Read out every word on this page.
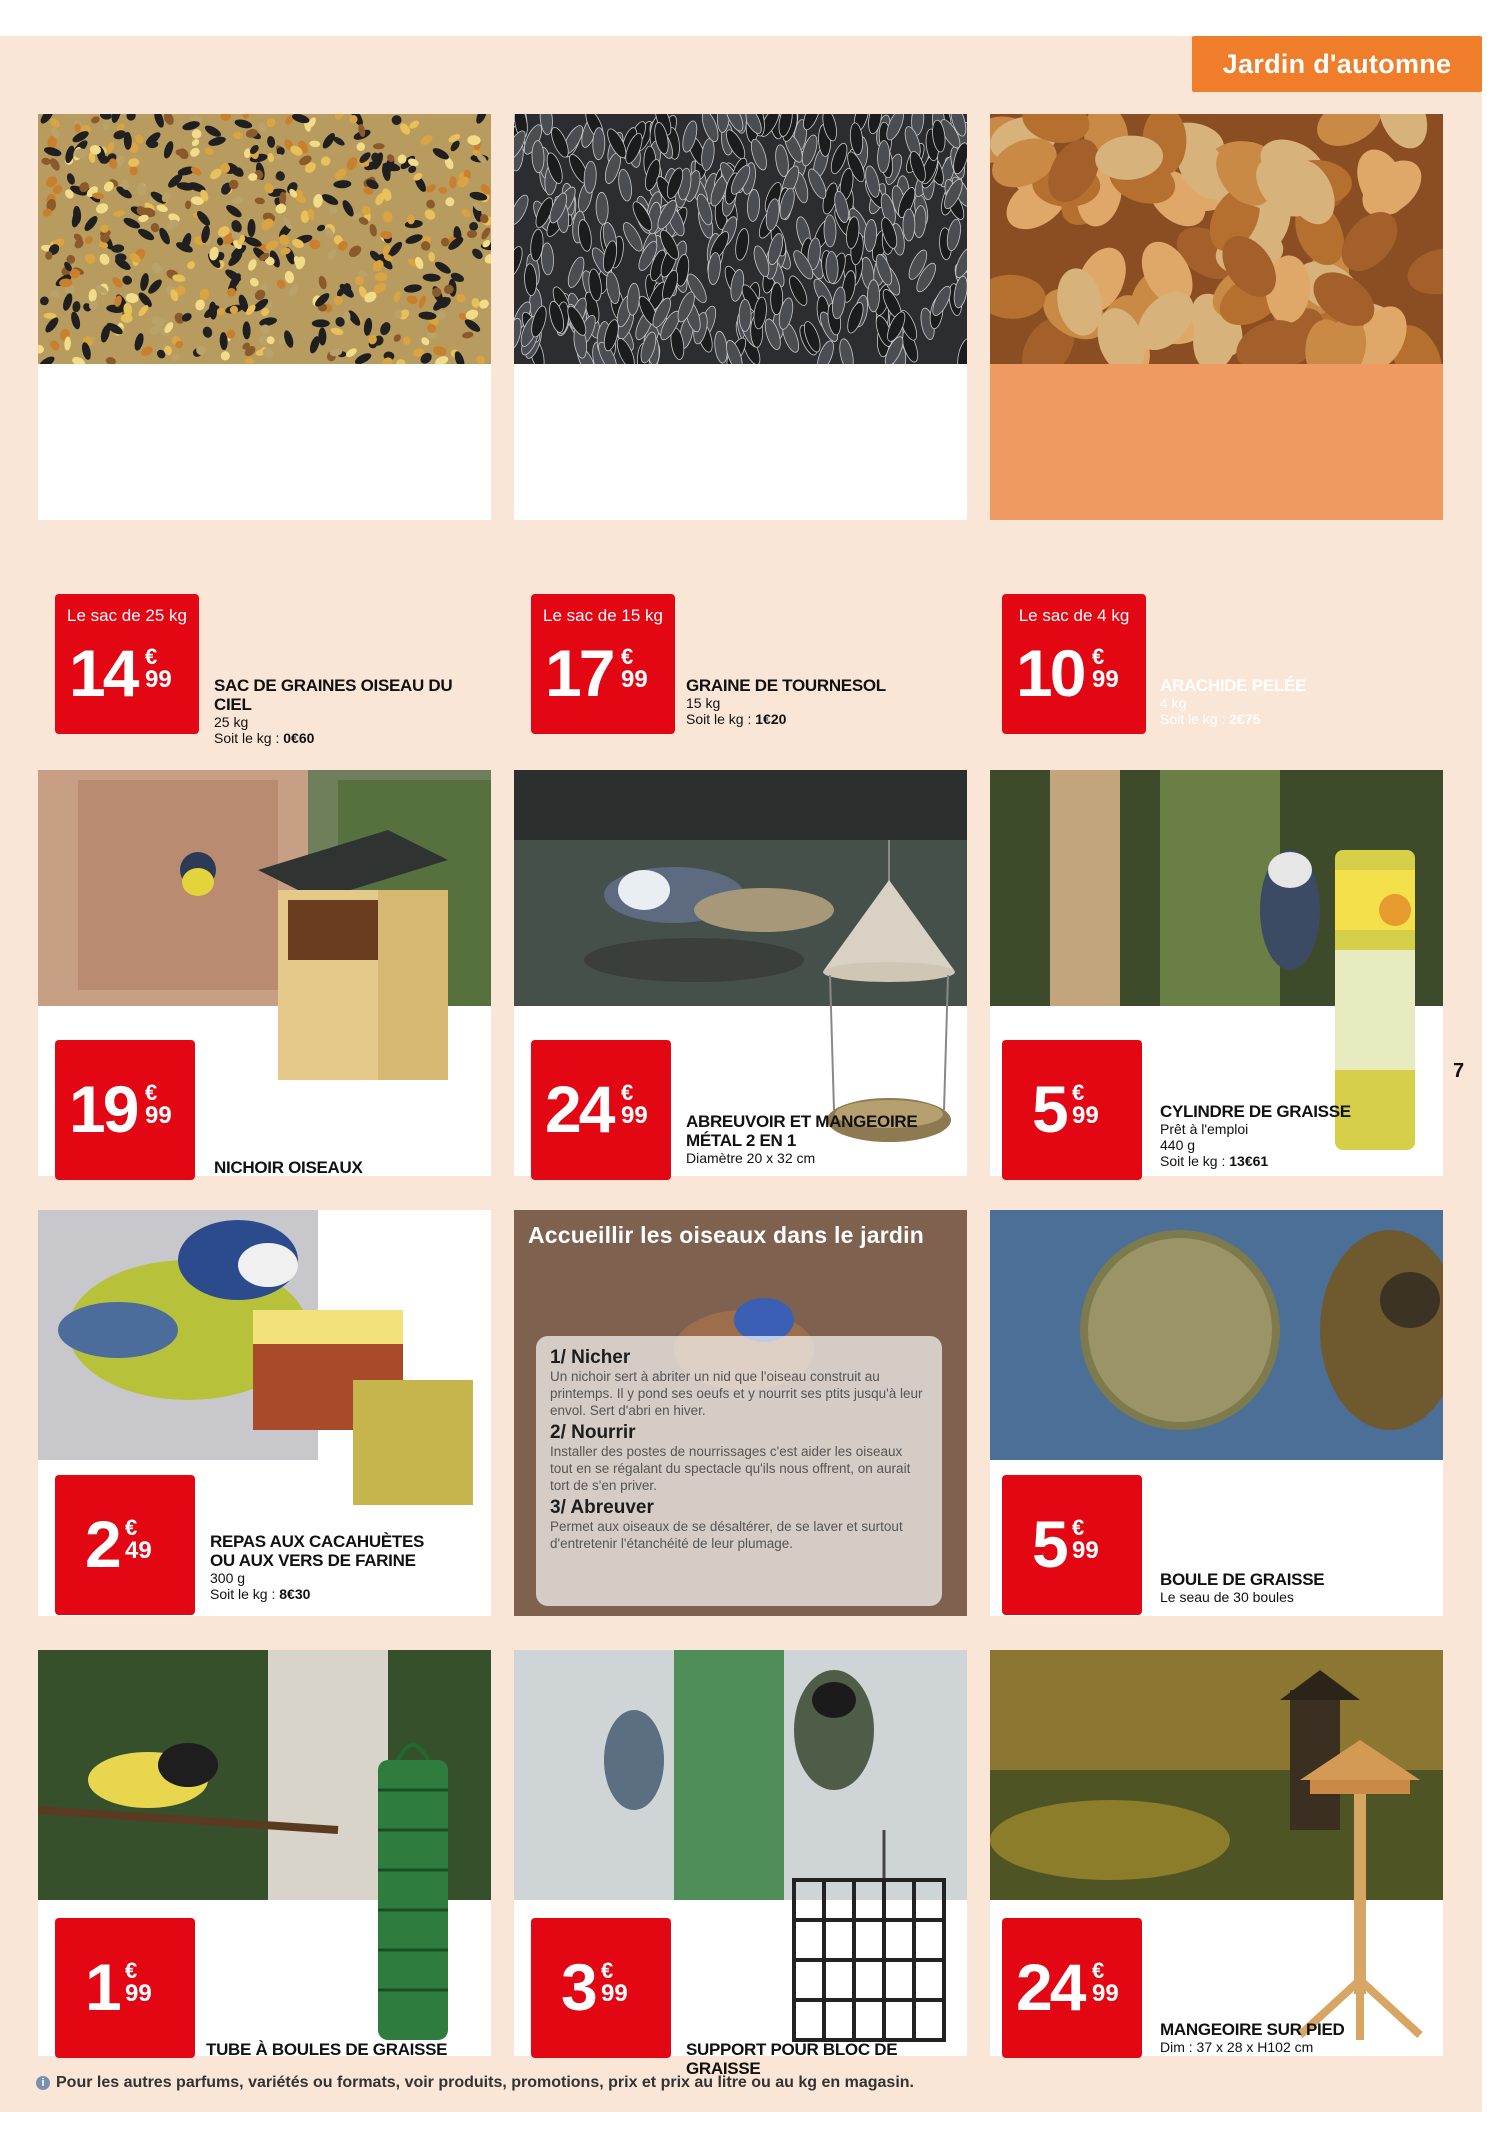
Jardin d'automne
Accueillir les oiseaux dans le jardin
1/ Nicher
Un nichoir sert à abriter un nid que l'oiseau construit au printemps. Il y pond ses oeufs et y nourrit ses ptits jusqu'à leur envol. Sert d'abri en hiver.
2/ Nourrir
Installer des postes de nourrissages c'est aider les oiseaux tout en se régalant du spectacle qu'ils nous offrent, on aurait tort de s'en priver.
3/ Abreuver
Permet aux oiseaux de se désaltérer, de se laver et surtout d'entretenir l'étanchéité de leur plumage.
Le sac de 25 kg
14 €
99 SAC DE GRAINES OISEAU DU CIEL
25 kg
Soit le kg : 0€60
Le sac de 15 kg
17 €
99 GRAINE DE TOURNESOL
15 kg
Soit le kg : 1€20
Le sac de 4 kg
10 €
99 ARACHIDE PELÉE
4 kg
Soit le kg : 2€75
19 €
99
NICHOIR OISEAUX
24 €
99 ABREUVOIR ET MANGEOIRE MÉTAL 2 EN 1
Diamètre 20 x 32 cm
5 €
99	CYLINDRE DE GRAISSE
Prêt à l'emploi
440 g
Soit le kg : 13€61
2 €
49	REPAS AUX CACAHUÈTES OU AUX VERS DE FARINE
300 g
Soit le kg : 8€30
5 €
99
BOULE DE GRAISSE
Le seau de 30 boules
1 €
99
TUBE À BOULES DE GRAISSE
3 €
99
SUPPORT POUR BLOC DE GRAISSE
24 €
99
MANGEOIRE SUR PIED
Dim : 37 x 28 x H102 cm
7
i Pour les autres parfums, variétés ou formats, voir produits, promotions, prix et prix au litre ou au kg en magasin.
